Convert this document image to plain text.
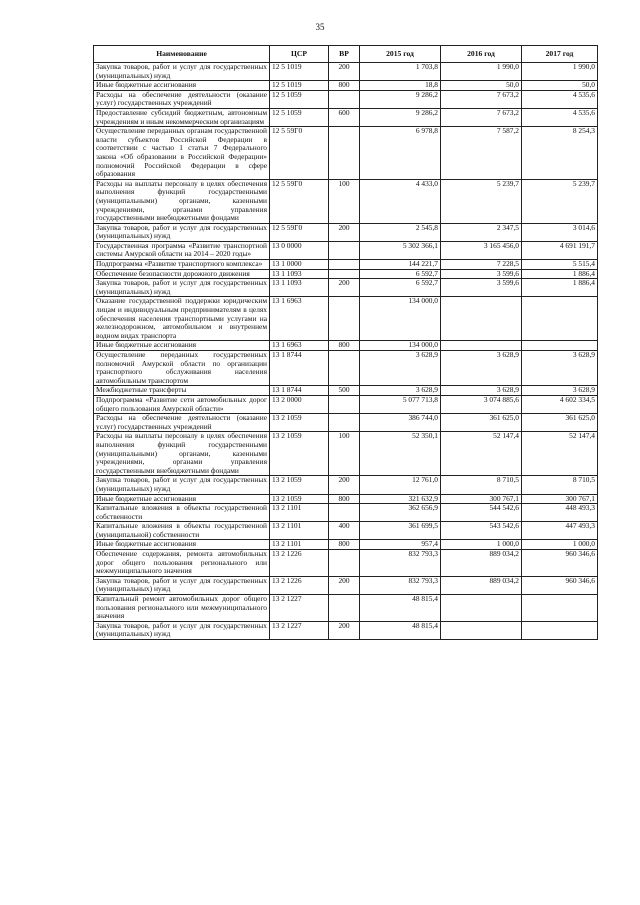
35
Наименование	ЦСР	ВР	2015 год	2016 год	2017 год
Закупка товаров, работ и услуг для государственных (муниципальных) нужд	12 5 1019	200	1 703,8	1 990,0	1 990,0
Иные бюджетные ассигнования	12 5 1019	800	18,8	50,0	50,0
Расходы на обеспечение деятельности (оказание услуг) государственных учреждений	12 5 1059		9 286,2	7 673,2	4 535,6
Предоставление субсидий бюджетным, автономным учреждениям и иным некоммерческим организациям	12 5 1059	600	9 286,2	7 673,2	4 535,6
Осуществление переданных органам государственной власти субъектов Российской Федерации в соответствии с частью 1 статьи 7 Федерального закона «Об образовании в Российской Федерации» полномочий Российской Федерации в сфере образования	12 5 59Г0		6 978,8	7 587,2	8 254,3
Расходы на выплаты персоналу в целях обеспечения выполнения функций государственными (муниципальными) органами, казенными учреждениями, органами управления государственными внебюджетными фондами	12 5 59Г0	100	4 433,0	5 239,7	5 239,7
Закупка товаров, работ и услуг для государственных (муниципальных) нужд	12 5 59Г0	200	2 545,8	2 347,5	3 014,6
Государственная программа «Развитие транспортной системы Амурской области на 2014 – 2020 годы»	13 0 0000		5 302 366,1	3 165 456,0	4 691 191,7
Подпрограмма «Развитие транспортного комплекса»	13 1 0000		144 221,7	7 228,5	5 515,4
Обеспечение безопасности дорожного движения	13 1 1093		6 592,7	3 599,6	1 886,4
Закупка товаров, работ и услуг для государственных (муниципальных) нужд	13 1 1093	200	6 592,7	3 599,6	1 886,4
Оказание государственной поддержки юридическим лицам и индивидуальным предпринимателям в целях обеспечения населения транспортными услугами на железнодорожном, автомобильном и внутреннем водном видах транспорта	13 1 6963		134 000,0		
Иные бюджетные ассигнования	13 1 6963	800	134 000,0		
Осуществление переданных государственных полномочий Амурской области по организации транспортного обслуживания населения автомобильным транспортом	13 1 8744		3 628,9	3 628,9	3 628,9
Межбюджетные трансферты	13 1 8744	500	3 628,9	3 628,9	3 628,9
Подпрограмма «Развитие сети автомобильных дорог общего пользования Амурской области»	13 2 0000		5 077 713,8	3 074 885,6	4 602 334,5
Расходы на обеспечение деятельности (оказание услуг) государственных учреждений	13 2 1059		386 744,0	361 625,0	361 625,0
Расходы на выплаты персоналу в целях обеспечения выполнения функций государственными (муниципальными) органами, казенными учреждениями, органами управления государственными внебюджетными фондами	13 2 1059	100	52 350,1	52 147,4	52 147,4
Закупка товаров, работ и услуг для государственных (муниципальных) нужд	13 2 1059	200	12 761,0	8 710,5	8 710,5
Иные бюджетные ассигнования	13 2 1059	800	321 632,9	300 767,1	300 767,1
Капитальные вложения в объекты государственной собственности	13 2 1101		362 656,9	544 542,6	448 493,3
Капитальные вложения в объекты государственной (муниципальной) собственности	13 2 1101	400	361 699,5	543 542,6	447 493,3
Иные бюджетные ассигнования	13 2 1101	800	957,4	1 000,0	1 000,0
Обеспечение содержания, ремонта автомобильных дорог общего пользования регионального или межмуниципального значения	13 2 1226		832 793,3	889 034,2	960 346,6
Закупка товаров, работ и услуг для государственных (муниципальных) нужд	13 2 1226	200	832 793,3	889 034,2	960 346,6
Капитальный ремонт автомобильных дорог общего пользования регионального или межмуниципального значения	13 2 1227		48 815,4		
Закупка товаров, работ и услуг для государственных (муниципальных) нужд	13 2 1227	200	48 815,4		
